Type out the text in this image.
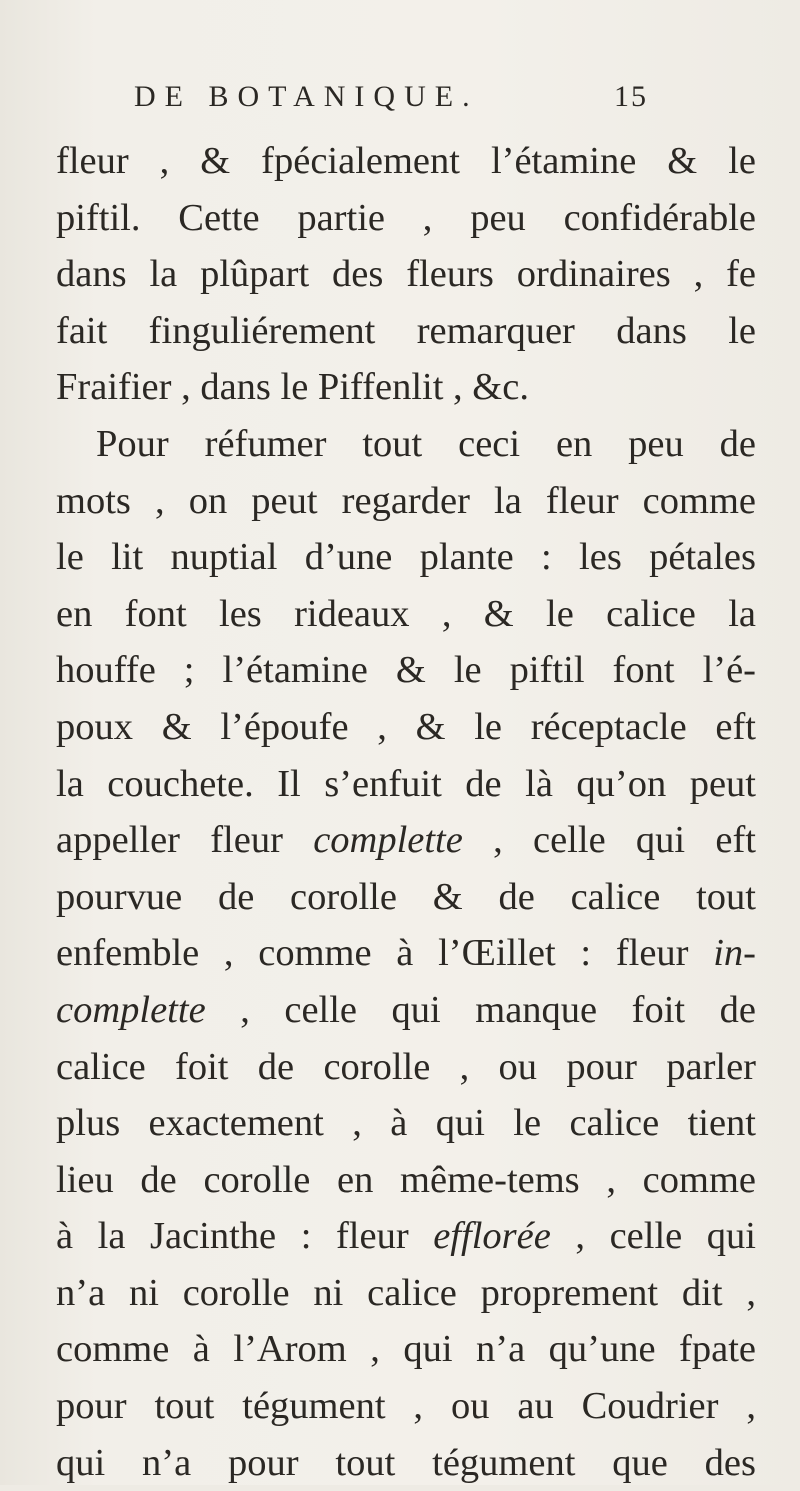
DE BOTANIQUE.	15
fleur , & fpécialement l’étamine & le
piftil. Cette partie , peu confidérable
dans la plûpart des fleurs ordinaires , fe
fait finguliérement remarquer dans le
Fraifier , dans le Piffenlit , &c.
Pour réfumer tout ceci en peu de
mots , on peut regarder la fleur comme
le lit nuptial d’une plante : les pétales
en font les rideaux , & le calice la
houffe ; l’étamine & le piftil font l’é-
poux & l’époufe , & le réceptacle eft
la couchete. Il s’enfuit de là qu’on peut
appeller fleur complette , celle qui eft
pourvue de corolle & de calice tout
enfemble , comme à l’Œillet : fleur in-
complette , celle qui manque foit de
calice foit de corolle , ou pour parler
plus exactement , à qui le calice tient
lieu de corolle en même-tems , comme
à la Jacinthe : fleur efflorée , celle qui
n’a ni corolle ni calice proprement dit ,
comme à l’Arom , qui n’a qu’une fpate
pour tout tégument , ou au Coudrier ,
qui n’a pour tout tégument que des
